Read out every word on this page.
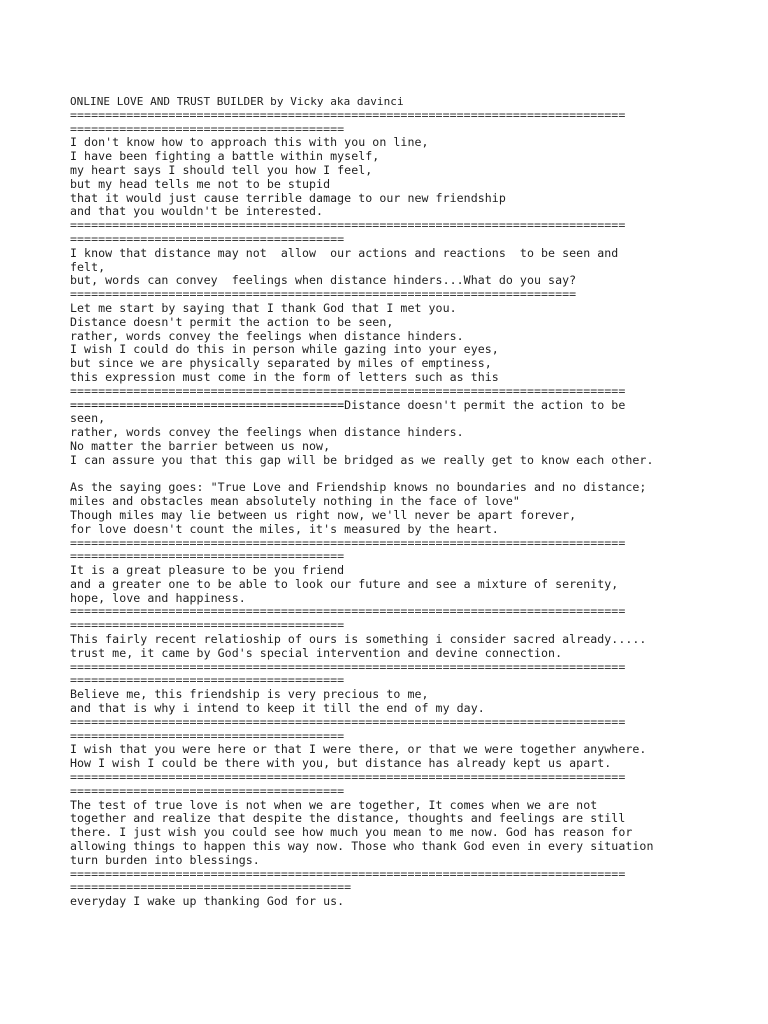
ONLINE LOVE AND TRUST BUILDER by Vicky aka davinci
===============================================================================
=======================================
I don't know how to approach this with you on line,
I have been fighting a battle within myself,
my heart says I should tell you how I feel,
but my head tells me not to be stupid
that it would just cause terrible damage to our new friendship
and that you wouldn't be interested.
===============================================================================
=======================================
I know that distance may not  allow  our actions and reactions  to be seen and
felt,
but, words can convey  feelings when distance hinders...What do you say?
========================================================================
Let me start by saying that I thank God that I met you.
Distance doesn't permit the action to be seen,
rather, words convey the feelings when distance hinders.
I wish I could do this in person while gazing into your eyes,
but since we are physically separated by miles of emptiness,
this expression must come in the form of letters such as this
===============================================================================
=======================================Distance doesn't permit the action to be
seen,
rather, words convey the feelings when distance hinders.
No matter the barrier between us now,
I can assure you that this gap will be bridged as we really get to know each other.
As the saying goes: "True Love and Friendship knows no boundaries and no distance;
miles and obstacles mean absolutely nothing in the face of love"
Though miles may lie between us right now, we'll never be apart forever,
for love doesn't count the miles, it's measured by the heart.
===============================================================================
=======================================
It is a great pleasure to be you friend
and a greater one to be able to look our future and see a mixture of serenity,
hope, love and happiness.
===============================================================================
=======================================
This fairly recent relatioship of ours is something i consider sacred already.....
trust me, it came by God's special intervention and devine connection.
===============================================================================
=======================================
Believe me, this friendship is very precious to me,
and that is why i intend to keep it till the end of my day.
===============================================================================
=======================================
I wish that you were here or that I were there, or that we were together anywhere.
How I wish I could be there with you, but distance has already kept us apart.
===============================================================================
=======================================
The test of true love is not when we are together, It comes when we are not
together and realize that despite the distance, thoughts and feelings are still
there. I just wish you could see how much you mean to me now. God has reason for
allowing things to happen this way now. Those who thank God even in every situation
turn burden into blessings.
===============================================================================
========================================
everyday I wake up thanking God for us.
